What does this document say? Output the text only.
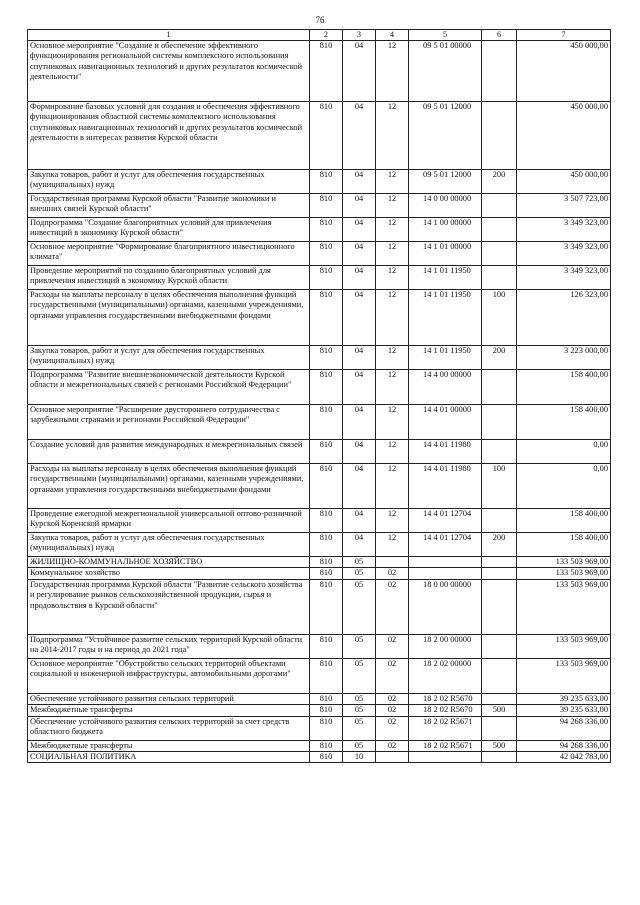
76
1	2	3	4	5	6	7
Основное мероприятие "Создание и обеспечение эффективного функционирования региональной системы комплексного использования спутниковых навигационных технологий и других результатов космической деятельности"	810	04	12	09 5 01 00000		450 000,00
Формирование базовых условий для создания и обеспечения эффективного функционирования областной системы комплексного использования спутниковых навигационных технологий и других результатов космической деятельности в интересах развития Курской области	810	04	12	09 5 01 12000		450 000,00
Закупка товаров, работ и услуг для обеспечения государственных (муниципальных) нужд	810	04	12	09 5 01 12000	200	450 000,00
Государственная программа Курской области "Развитие экономики и внешних связей Курской области"	810	04	12	14 0 00 00000		3 507 723,00
Подпрограмма "Создание благоприятных условий для привлечения инвестиций в экономику Курской области"	810	04	12	14 1 00 00000		3 349 323,00
Основное мероприятие "Формирование благоприятного инвестиционного климата"	810	04	12	14 1 01 00000		3 349 323,00
Проведение мероприятий по созданию благоприятных условий для привлечения инвестиций в экономику Курской области	810	04	12	14 1 01 11950		3 349 323,00
Расходы на выплаты персоналу в целях обеспечения выполнения функций государственными (муниципальными) органами, казенными учреждениями, органами управления государственными внебюджетными фондами	810	04	12	14 1 01 11950	100	126 323,00
Закупка товаров, работ и услуг для обеспечения государственных (муниципальных) нужд	810	04	12	14 1 01 11950	200	3 223 000,00
Подпрограмма "Развитие внешнеэкономической деятельности Курской области и межрегиональных связей с регионами Российской Федерации"	810	04	12	14 4 00 00000		158 400,00
Основное мероприятие "Расширение двустороннего сотрудничества с зарубежными странами и регионами Российской Федерации"	810	04	12	14 4 01 00000		158 400,00
Создание условий для развития международных и межрегиональных связей	810	04	12	14 4 01 11980		0,00
Расходы на выплаты персоналу в целях обеспечения выполнения функций государственными (муниципальными) органами, казенными учреждениями, органами управления государственными внебюджетными фондами	810	04	12	14 4 01 11980	100	0,00
Проведение ежегодной межрегиональной универсальной оптово-розничной Курской Коренской ярмарки	810	04	12	14 4 01 12704		158 400,00
Закупка товаров, работ и услуг для обеспечения государственных (муниципальных) нужд	810	04	12	14 4 01 12704	200	158 400,00
ЖИЛИЩНО-КОММУНАЛЬНОЕ ХОЗЯЙСТВО	810	05				133 503 969,00
Коммунальное хозяйство	810	05	02			133 503 969,00
Государственная программа Курской области "Развитие сельского хозяйства и регулирование рынков сельскохозяйственной продукции, сырья и продовольствия в Курской области"	810	05	02	18 0 00 00000		133 503 969,00
Подпрограмма "Устойчивое развитие сельских территорий Курской области на 2014-2017 годы и на период до 2021 года"	810	05	02	18 2 00 00000		133 503 969,00
Основное мероприятие "Обустройство сельских территорий объектами социальной и инженерной инфраструктуры, автомобильными дорогами"	810	05	02	18 2 02 00000		133 503 969,00
Обеспечение устойчивого развития сельских территорий	810	05	02	18 2 02 R5670		39 235 633,00
Межбюджетные трансферты	810	05	02	18 2 02 R5670	500	39 235 633,00
Обеспечение устойчивого развития сельских территорий за счет средств областного бюджета	810	05	02	18 2 02 R5671		94 268 336,00
Межбюджетные трансферты	810	05	02	18 2 02 R5671	500	94 268 336,00
СОЦИАЛЬНАЯ ПОЛИТИКА	810	10				42 042 783,00
